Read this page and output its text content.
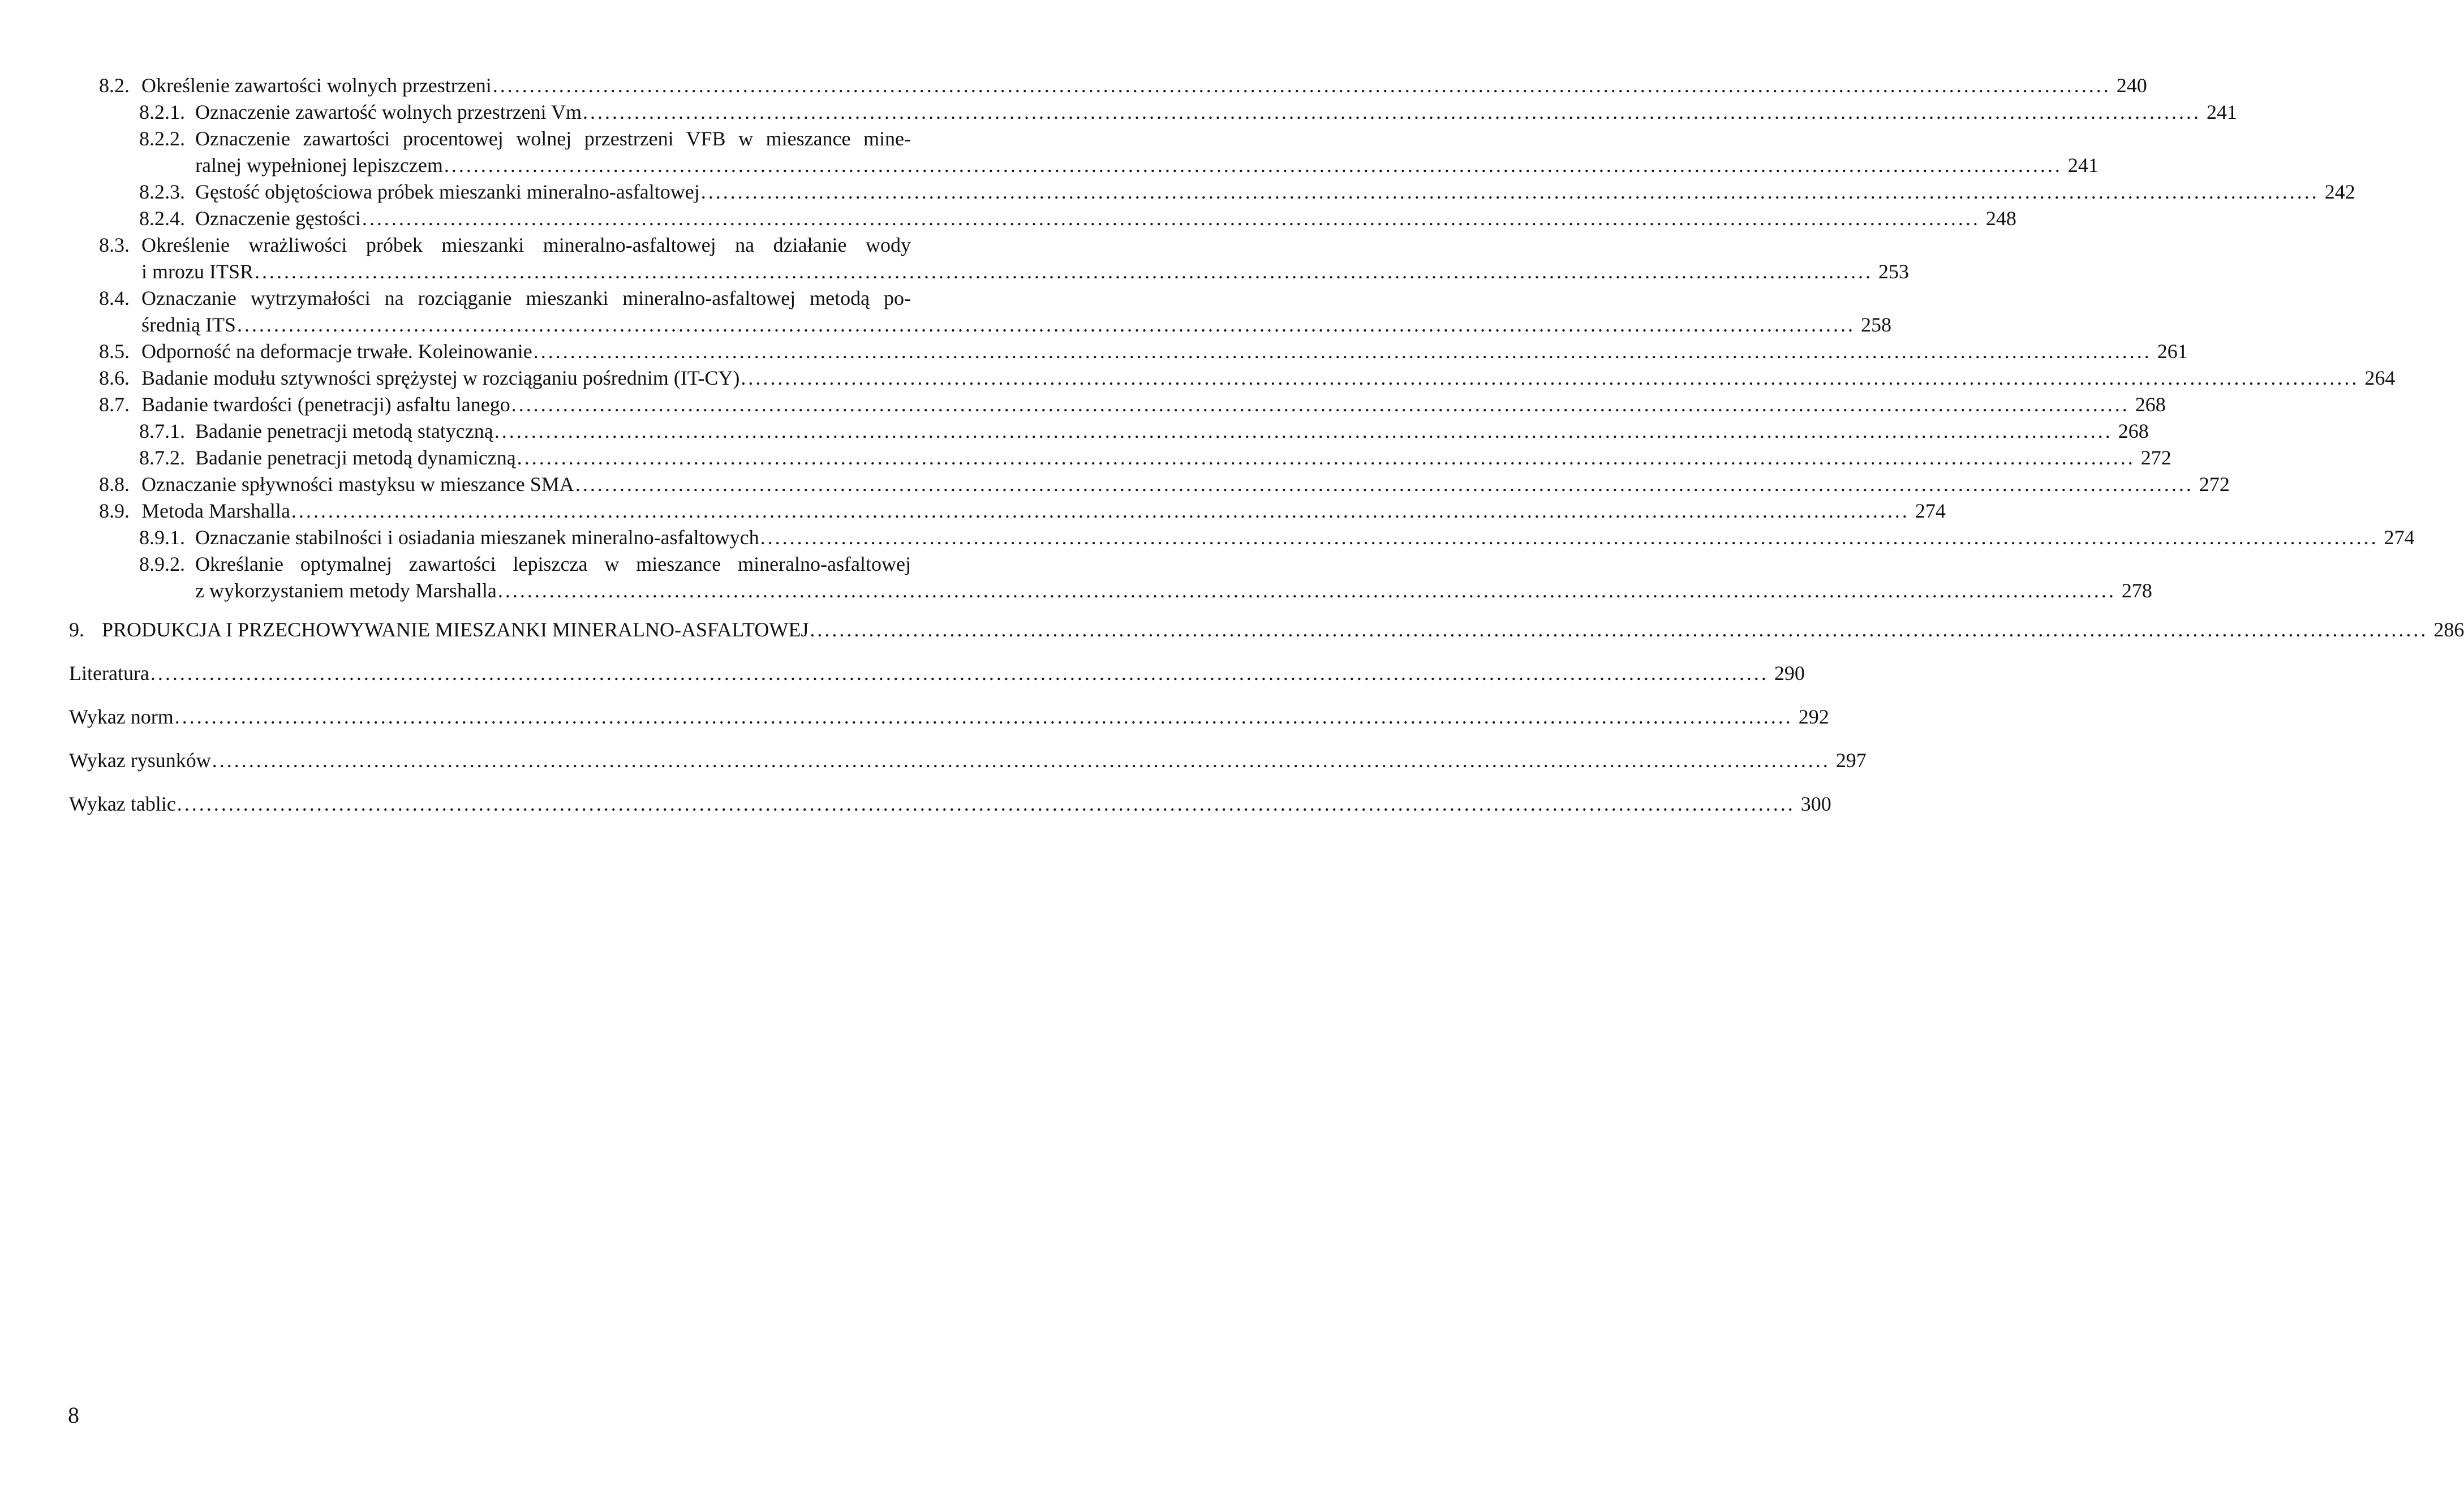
8.2. Określenie zawartości wolnych przestrzeni ............................................................................................................................................................................................................................ 240
8.2.1. Oznaczenie zawartość wolnych przestrzeni Vm ............................................................................................................................................................................................................................ 241
8.2.2. Oznaczenie zawartości procentowej wolnej przestrzeni VFB w mieszance mine-
ralnej wypełnionej lepiszczem ............................................................................................................................................................................................................................ 241
8.2.3. Gęstość objętościowa próbek mieszanki mineralno-asfaltowej ............................................................................................................................................................................................................................ 242
8.2.4. Oznaczenie gęstości ............................................................................................................................................................................................................................ 248
8.3. Określenie wrażliwości próbek mieszanki mineralno-asfaltowej na działanie wody
i mrozu ITSR ............................................................................................................................................................................................................................ 253
8.4. Oznaczanie wytrzymałości na rozciąganie mieszanki mineralno-asfaltowej metodą po-
średnią ITS ............................................................................................................................................................................................................................ 258
8.5. Odporność na deformacje trwałe. Koleinowanie ............................................................................................................................................................................................................................ 261
8.6. Badanie modułu sztywności sprężystej w rozciąganiu pośrednim (IT-CY) ............................................................................................................................................................................................................................ 264
8.7. Badanie twardości (penetracji) asfaltu lanego ............................................................................................................................................................................................................................ 268
8.7.1. Badanie penetracji metodą statyczną ............................................................................................................................................................................................................................ 268
8.7.2. Badanie penetracji metodą dynamiczną ............................................................................................................................................................................................................................ 272
8.8. Oznaczanie spływności mastyksu w mieszance SMA ............................................................................................................................................................................................................................ 272
8.9. Metoda Marshalla ............................................................................................................................................................................................................................ 274
8.9.1. Oznaczanie stabilności i osiadania mieszanek mineralno-asfaltowych ............................................................................................................................................................................................................................ 274
8.9.2. Określanie optymalnej zawartości lepiszcza w mieszance mineralno-asfaltowej
z wykorzystaniem metody Marshalla ............................................................................................................................................................................................................................ 278
9. PRODUKCJA I PRZECHOWYWANIE MIESZANKI MINERALNO-ASFALTOWEJ ............................................................................................................................................................................................................................ 286
Literatura ............................................................................................................................................................................................................................ 290
Wykaz norm ............................................................................................................................................................................................................................ 292
Wykaz rysunków ............................................................................................................................................................................................................................ 297
Wykaz tablic ............................................................................................................................................................................................................................ 300
8
